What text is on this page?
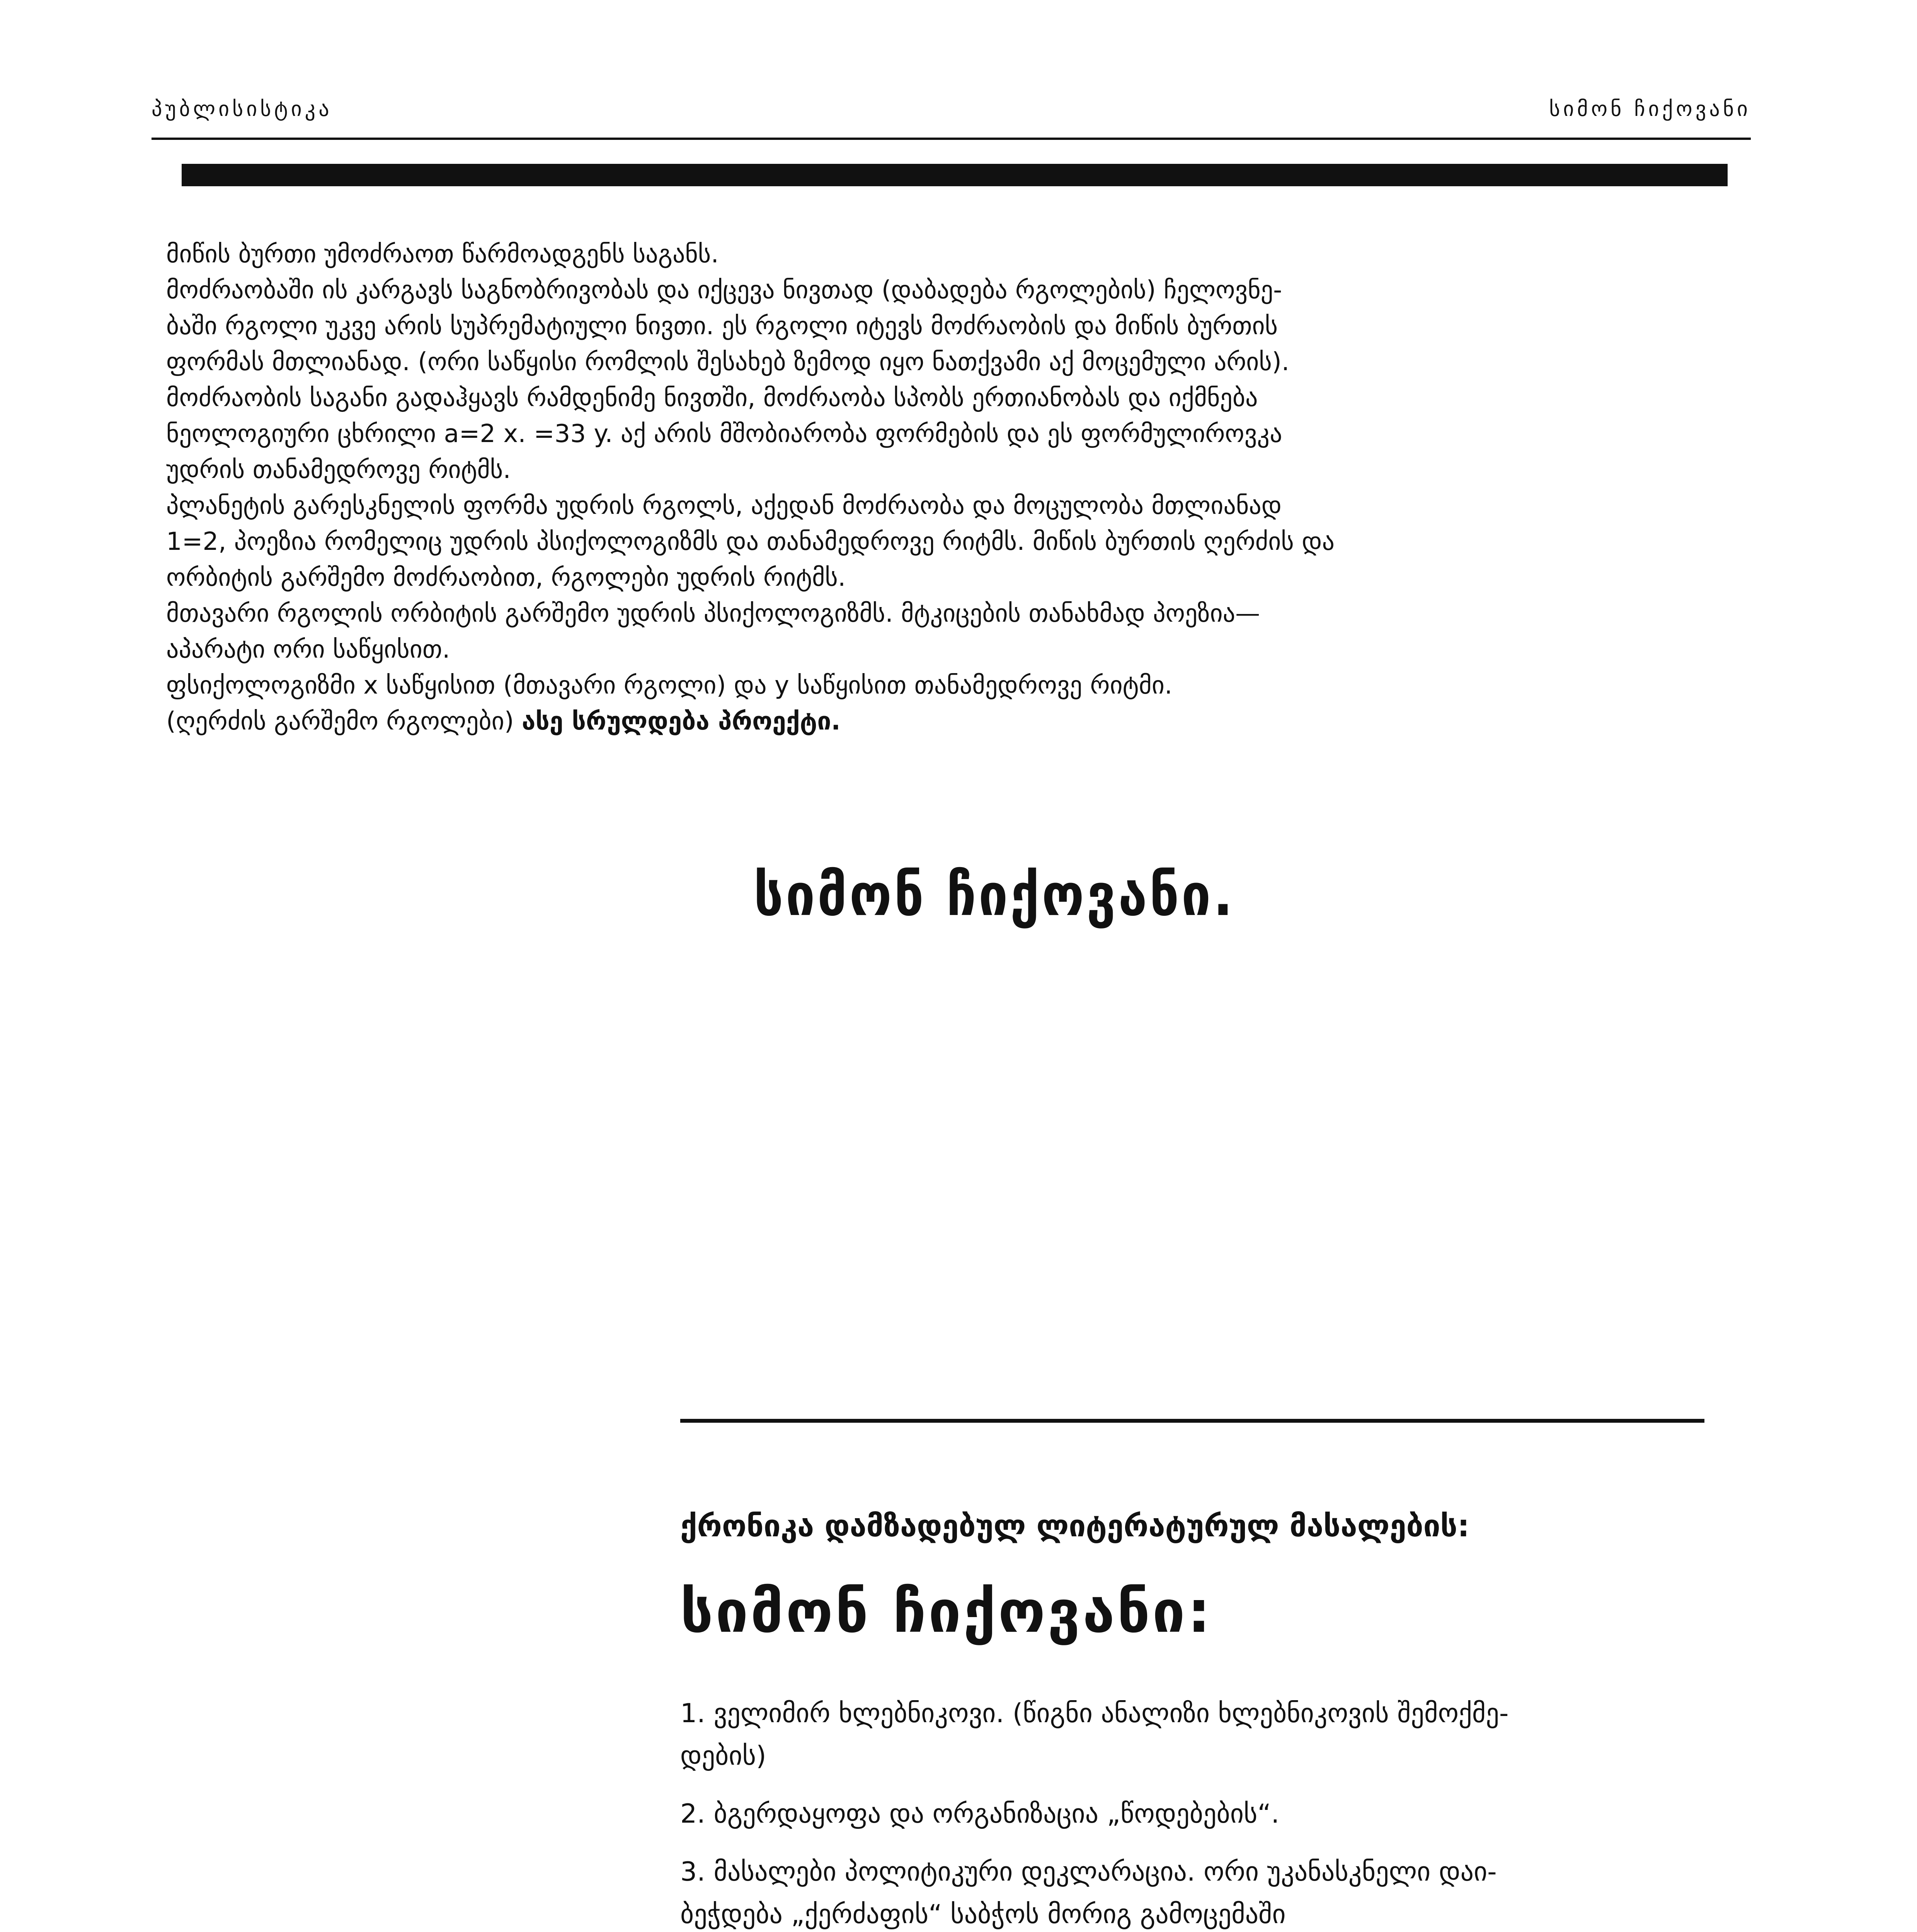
პუბლისისტიკა	სიმონ ჩიქოვანი
მიწის ბურთი უმოძრაოთ წარმოადგენს საგანს.
მოძრაობაში ის კარგავს საგნობრივობას და იქცევა ნივთად (დაბადება რგოლების) ჩელოვნე-
ბაში რგოლი უკვე არის სუპრემატიული ნივთი. ეს რგოლი იტევს მოძრაობის და მიწის ბურთის
ფორმას მთლიანად. (ორი საწყისი რომლის შესახებ ზემოდ იყო ნათქვამი აქ მოცემული არის).
მოძრაობის საგანი გადაჰყავს რამდენიმე ნივთში, მოძრაობა სპობს ერთიანობას და იქმნება
ნეოლოგიური ცხრილი a=2 x. =33 y. აქ არის მშობიარობა ფორმების და ეს ფორმულიროვკა
უდრის თანამედროვე რიტმს.
პლანეტის გარესკნელის ფორმა უდრის რგოლს, აქედან მოძრაობა და მოცულობა მთლიანად
1=2, პოეზია რომელიც უდრის პსიქოლოგიზმს და თანამედროვე რიტმს. მიწის ბურთის ღერძის და
ორბიტის გარშემო მოძრაობით, რგოლები უდრის რიტმს.
მთავარი რგოლის ორბიტის გარშემო უდრის პსიქოლოგიზმს. მტკიცების თანახმად პოეზია—
აპარატი ორი საწყისით.
ფსიქოლოგიზმი x საწყისით (მთავარი რგოლი) და y საწყისით თანამედროვე რიტმი.
(ღერძის გარშემო რგოლები) ასე სრულდება პროექტი.
სიმონ ჩიქოვანი.
ქრონიკა დამზადებულ ლიტერატურულ მასალების:
სიმონ ჩიქოვანი:
1. ველიმირ ხლებნიკოვი. (წიგნი ანალიზი ხლებნიკოვის შემოქმე-
დების)
2. ბგერდაყოფა და ორგანიზაცია „წოდებების“.
3. მასალები პოლიტიკური დეკლარაცია. ორი უკანასკნელი დაი-
ბეჭდება „ქერძაფის“ საბჭოს მორიგ გამოცემაში
